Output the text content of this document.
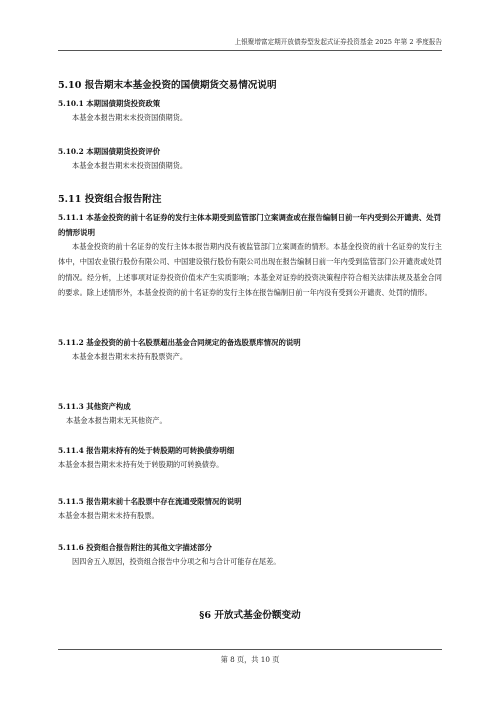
上银聚增富定期开放债券型发起式证券投资基金 2025 年第 2 季度报告
5.10 报告期末本基金投资的国债期货交易情况说明
5.10.1 本期国债期货投资政策
本基金本报告期末未投资国债期货。
5.10.2 本期国债期货投资评价
本基金本报告期末未投资国债期货。
5.11 投资组合报告附注
5.11.1 本基金投资的前十名证券的发行主体本期受到监管部门立案调查或在报告编制日前一年内受到公开谴责、处罚的情形说明
本基金投资的前十名证券的发行主体本报告期内没有被监管部门立案调查的情形。本基金投资的前十名证券的发行主体中，中国农业银行股份有限公司、中国建设银行股份有限公司出现在报告编制日前一年内受到监管部门公开谴责或处罚的情况。经分析，上述事项对证券投资价值未产生实质影响；本基金对证券的投资决策程序符合相关法律法规及基金合同的要求。除上述情形外，本基金投资的前十名证券的发行主体在报告编制日前一年内没有受到公开谴责、处罚的情形。
5.11.2 基金投资的前十名股票超出基金合同规定的备选股票库情况的说明
本基金本报告期末未持有股票资产。
5.11.3 其他资产构成
本基金本报告期末无其他资产。
5.11.4 报告期末持有的处于转股期的可转换债券明细
本基金本报告期末未持有处于转股期的可转换债券。
5.11.5 报告期末前十名股票中存在流通受限情况的说明
本基金本报告期末未持有股票。
5.11.6 投资组合报告附注的其他文字描述部分
因四舍五入原因，投资组合报告中分项之和与合计可能存在尾差。
§6 开放式基金份额变动
第 8 页，共 10 页
